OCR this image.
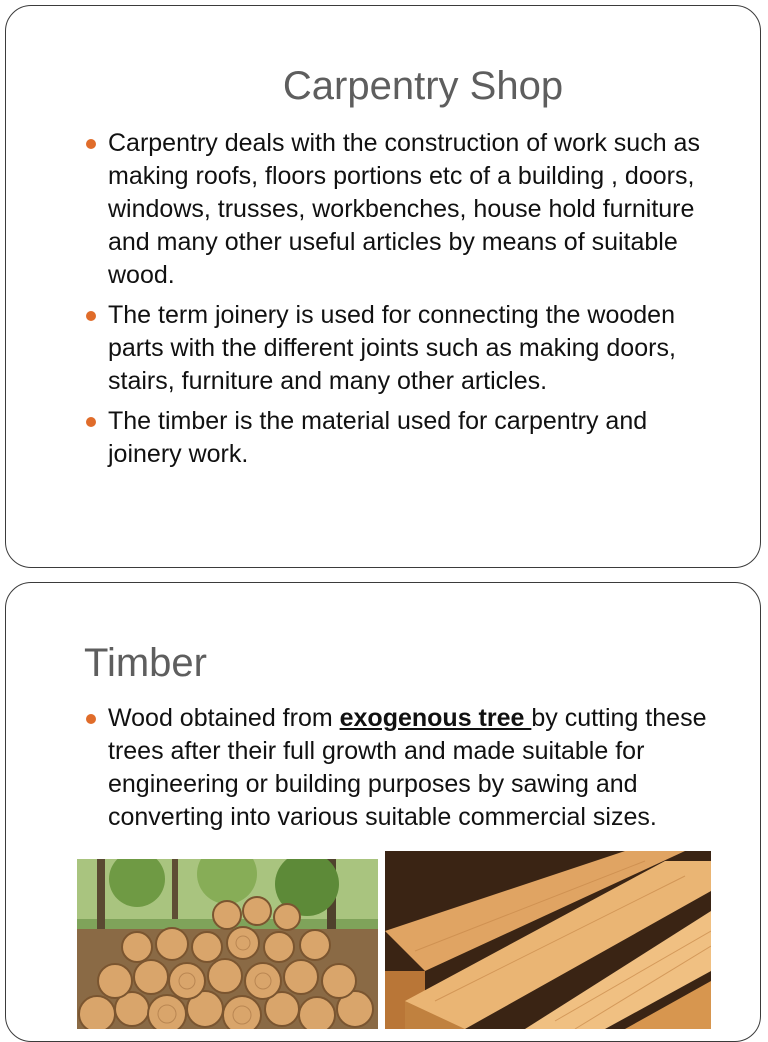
Carpentry Shop
Carpentry deals with the construction of work such as making roofs, floors portions etc of a building , doors, windows, trusses, workbenches, house hold furniture and many other useful articles by means of suitable wood.
The term joinery is used for connecting the wooden parts with the different joints such as making doors, stairs, furniture and many other articles.
The timber is the material used for carpentry and joinery work.
Timber
Wood obtained from exogenous tree by cutting these trees after their full growth and made suitable for engineering or building purposes by sawing and converting into various suitable commercial sizes.
